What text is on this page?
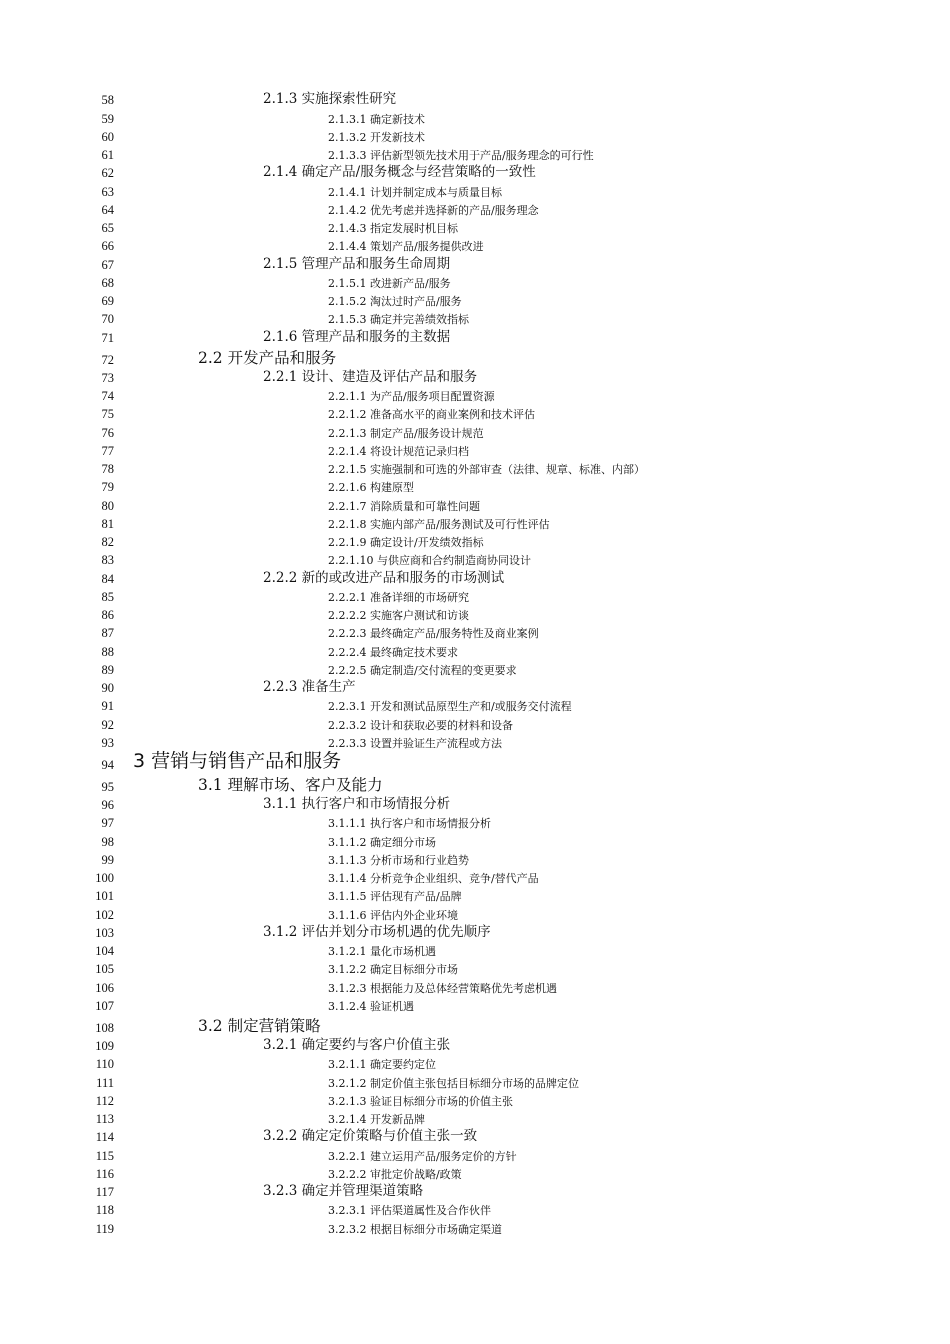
58	2.1.3 实施探索性研究
59	2.1.3.1 确定新技术
60	2.1.3.2 开发新技术
61	2.1.3.3 评估新型领先技术用于产品/服务理念的可行性
62	2.1.4 确定产品/服务概念与经营策略的一致性
63	2.1.4.1 计划并制定成本与质量目标
64	2.1.4.2 优先考虑并选择新的产品/服务理念
65	2.1.4.3 指定发展时机目标
66	2.1.4.4 策划产品/服务提供改进
67	2.1.5 管理产品和服务生命周期
68	2.1.5.1 改进新产品/服务
69	2.1.5.2 淘汰过时产品/服务
70	2.1.5.3 确定并完善绩效指标
71	2.1.6 管理产品和服务的主数据
72	2.2 开发产品和服务
73	2.2.1 设计、建造及评估产品和服务
74	2.2.1.1 为产品/服务项目配置资源
75	2.2.1.2 准备高水平的商业案例和技术评估
76	2.2.1.3 制定产品/服务设计规范
77	2.2.1.4 将设计规范记录归档
78	2.2.1.5 实施强制和可选的外部审查（法律、规章、标准、内部）
79	2.2.1.6 构建原型
80	2.2.1.7 消除质量和可靠性问题
81	2.2.1.8 实施内部产品/服务测试及可行性评估
82	2.2.1.9 确定设计/开发绩效指标
83	2.2.1.10 与供应商和合约制造商协同设计
84	2.2.2 新的或改进产品和服务的市场测试
85	2.2.2.1 准备详细的市场研究
86	2.2.2.2 实施客户测试和访谈
87	2.2.2.3 最终确定产品/服务特性及商业案例
88	2.2.2.4 最终确定技术要求
89	2.2.2.5 确定制造/交付流程的变更要求
90	2.2.3 准备生产
91	2.2.3.1 开发和测试品原型生产和/或服务交付流程
92	2.2.3.2 设计和获取必要的材料和设备
93	2.2.3.3 设置并验证生产流程或方法
94 3 营销与销售产品和服务
95	3.1 理解市场、客户及能力
96	3.1.1 执行客户和市场情报分析
97	3.1.1.1 执行客户和市场情报分析
98	3.1.1.2 确定细分市场
99	3.1.1.3 分析市场和行业趋势
100	3.1.1.4 分析竞争企业组织、竞争/替代产品
101	3.1.1.5 评估现有产品/品牌
102	3.1.1.6 评估内外企业环境
103	3.1.2 评估并划分市场机遇的优先顺序
104	3.1.2.1 量化市场机遇
105	3.1.2.2 确定目标细分市场
106	3.1.2.3 根据能力及总体经营策略优先考虑机遇
107	3.1.2.4 验证机遇
108	3.2 制定营销策略
109	3.2.1 确定要约与客户价值主张
110	3.2.1.1 确定要约定位
111	3.2.1.2 制定价值主张包括目标细分市场的品牌定位
112	3.2.1.3 验证目标细分市场的价值主张
113	3.2.1.4 开发新品牌
114	3.2.2 确定定价策略与价值主张一致
115	3.2.2.1 建立运用产品/服务定价的方针
116	3.2.2.2 审批定价战略/政策
117	3.2.3 确定并管理渠道策略
118	3.2.3.1 评估渠道属性及合作伙伴
119	3.2.3.2 根据目标细分市场确定渠道
